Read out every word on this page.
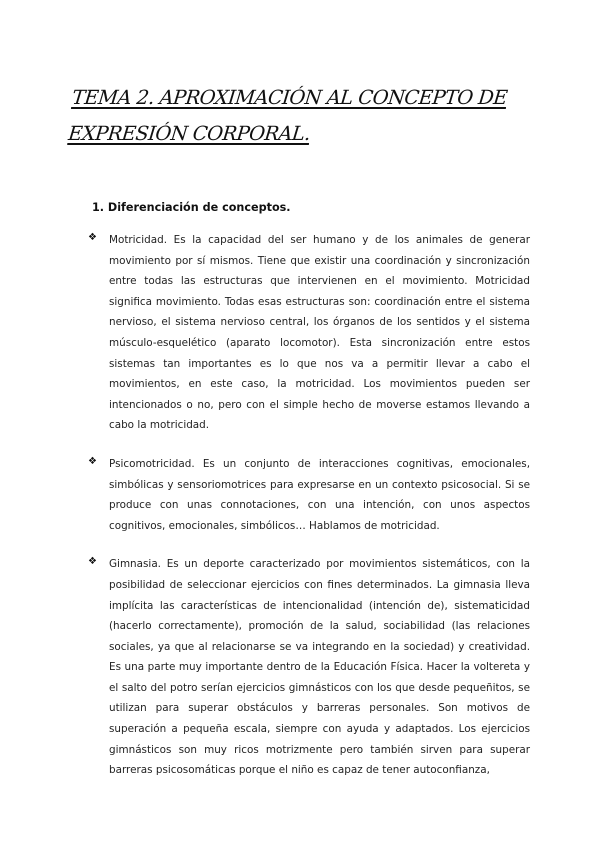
TEMA 2. APROXIMACIÓN AL CONCEPTO DE
EXPRESIÓN CORPORAL.
1. Diferenciación de conceptos.
❖ Motricidad. Es la capacidad del ser humano y de los animales de generar movimiento por sí mismos. Tiene que existir una coordinación y sincronización entre todas las estructuras que intervienen en el movimiento. Motricidad significa movimiento. Todas esas estructuras son: coordinación entre el sistema nervioso, el sistema nervioso central, los órganos de los sentidos y el sistema músculo-esquelético (aparato locomotor). Esta sincronización entre estos sistemas tan importantes es lo que nos va a permitir llevar a cabo el movimientos, en este caso, la motricidad. Los movimientos pueden ser intencionados o no, pero con el simple hecho de moverse estamos llevando a cabo la motricidad.

❖ Psicomotricidad. Es un conjunto de interacciones cognitivas, emocionales, simbólicas y sensoriomotrices para expresarse en un contexto psicosocial. Si se produce con unas connotaciones, con una intención, con unos aspectos cognitivos, emocionales, simbólicos… Hablamos de motricidad.

❖ Gimnasia. Es un deporte caracterizado por movimientos sistemáticos, con la posibilidad de seleccionar ejercicios con fines determinados. La gimnasia lleva implícita las características de intencionalidad (intención de), sistematicidad (hacerlo correctamente), promoción de la salud, sociabilidad (las relaciones sociales, ya que al relacionarse se va integrando en la sociedad) y creatividad. Es una parte muy importante dentro de la Educación Física. Hacer la voltereta y el salto del potro serían ejercicios gimnásticos con los que desde pequeñitos, se utilizan para superar obstáculos y barreras personales. Son motivos de superación a pequeña escala, siempre con ayuda y adaptados. Los ejercicios gimnásticos son muy ricos motrizmente pero también sirven para superar barreras psicosomáticas porque el niño es capaz de tener autoconfianza,
